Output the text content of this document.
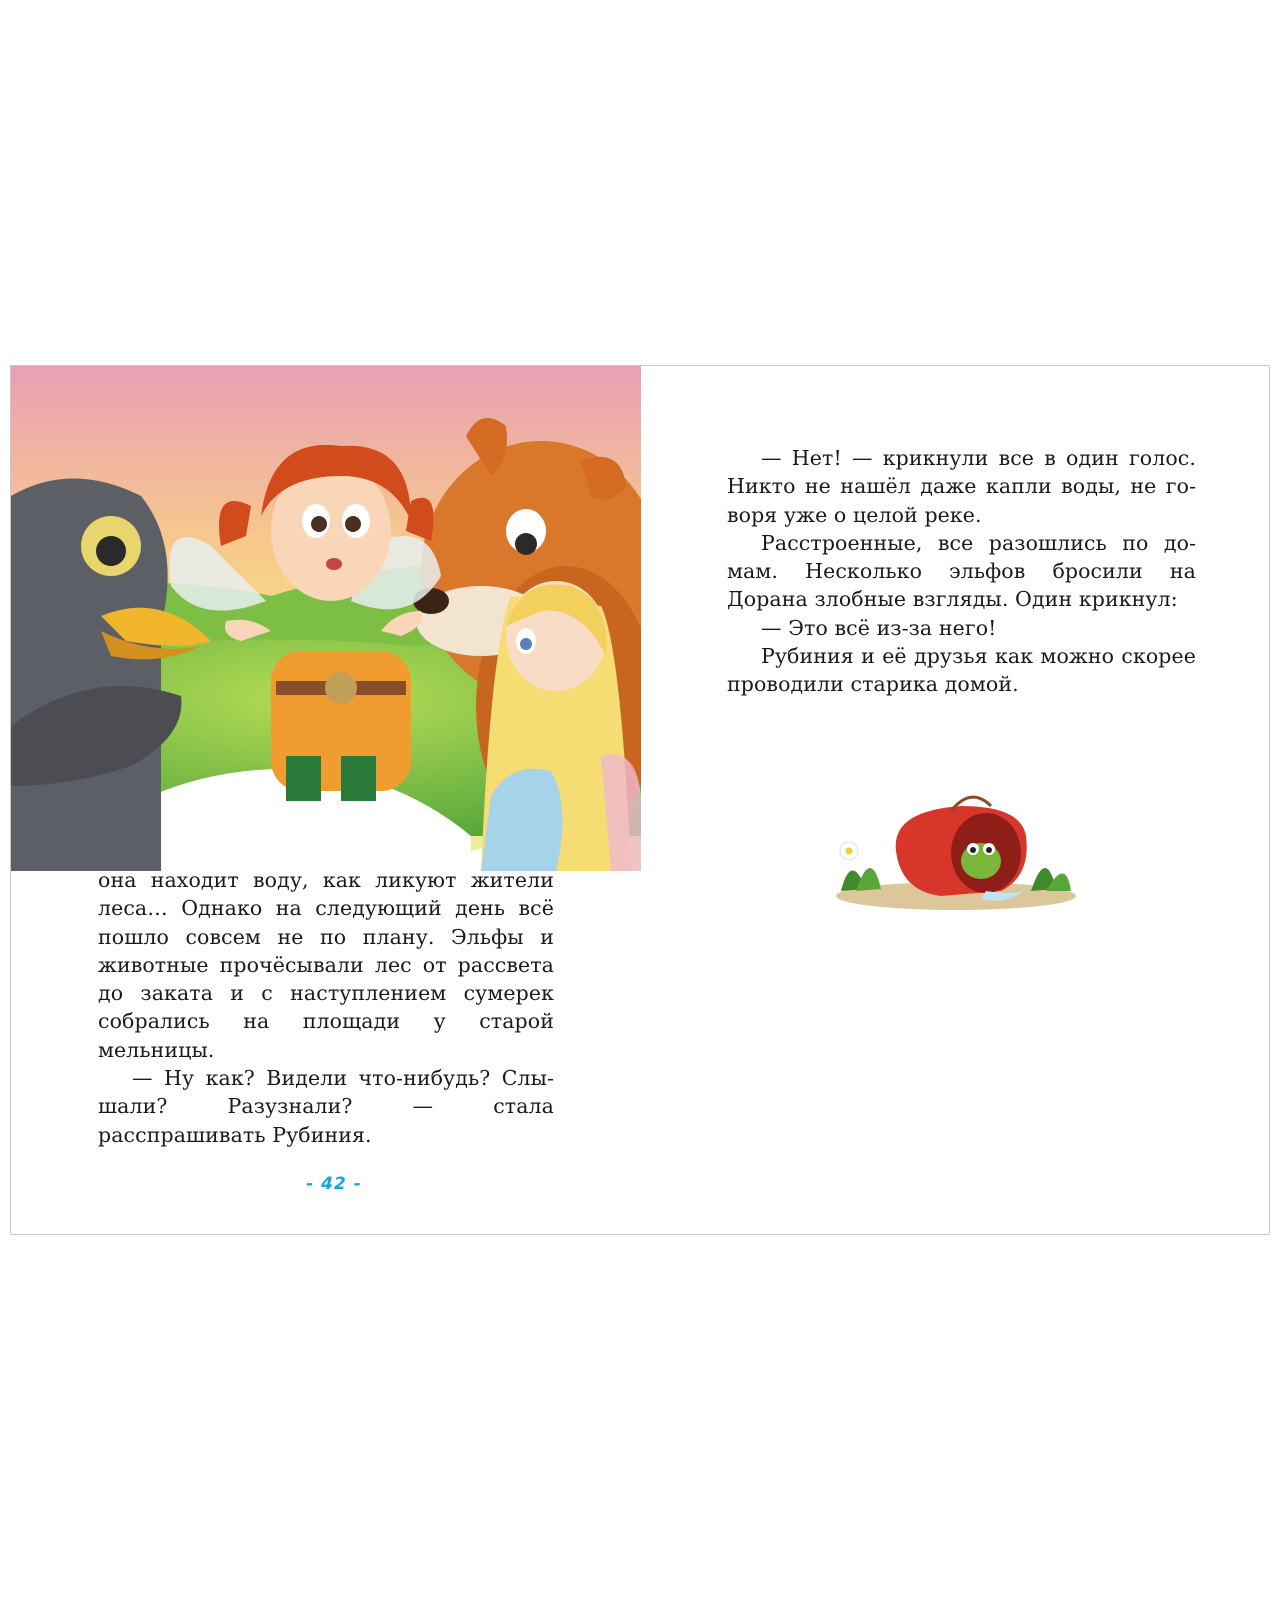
она находит воду, как ликуют жители леса… Однако на следующий день всё пошло совсем не по плану. Эльфы и животные прочёсывали лес от рассвета до заката и с наступлением сумерек собрались на площади у старой мельницы.

— Ну как? Видели что-нибудь? Слышали? Разузнали? — стала расспрашивать Рубиния.

- 42 -

— Нет! — крикнули все в один голос. Никто не нашёл даже капли воды, не говоря уже о целой реке.

Расстроенные, все разошлись по домам. Несколько эльфов бросили на Дорана злобные взгляды. Один крикнул:

— Это всё из-за него!

Рубиния и её друзья как можно скорее проводили старика домой.
